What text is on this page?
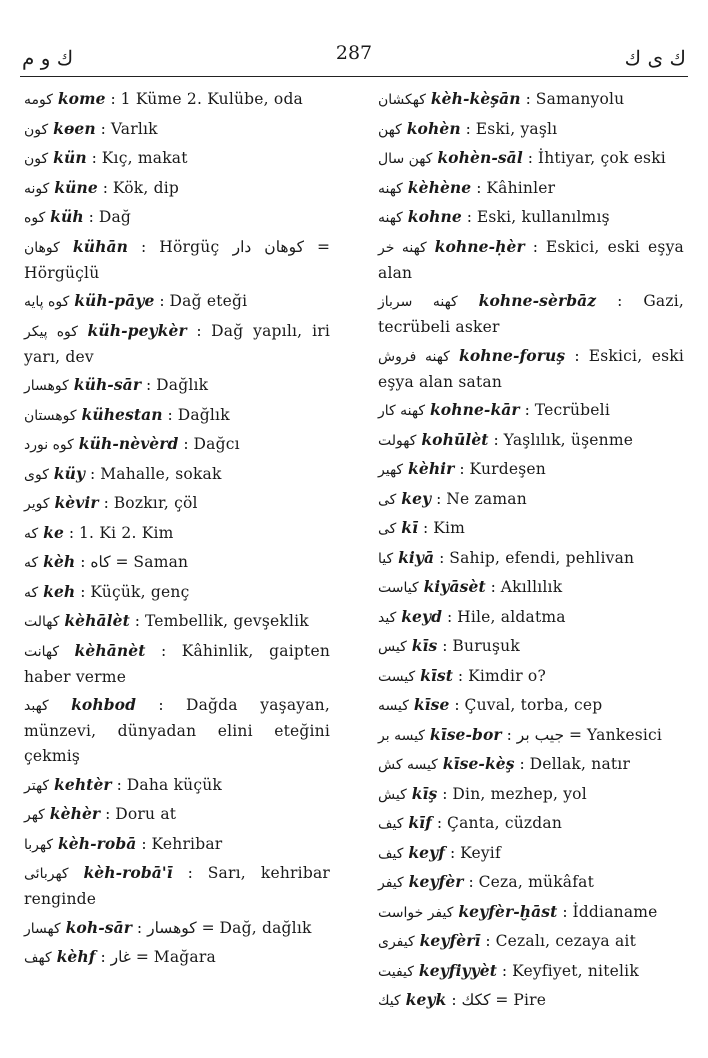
ك و م	287	ك ی ك
كومه kome : 1 Küme 2. Kulübe, oda
كون kөen : Varlık
كون kün : Kıç, makat
كونه küne : Kök, dip
كوه küh : Dağ
كوهان kühān : Hörgüç كوهان دار = Hörgüçlü
كوه پايه küh-pāye : Dağ eteği
كوه پيكر küh-peykèr : Dağ yapılı, iri yarı, dev
كوهسار küh-sār : Dağlık
كوهستان kühestan : Dağlık
كوه نورد küh-nèvèrd : Dağcı
كوى küy : Mahalle, sokak
كوير kèvir : Bozkır, çöl
كه ke : 1. Ki 2. Kim
كه kèh : كاه = Saman
كه keh : Küçük, genç
كهالت kèhālèt : Tembellik, gevşeklik
كهانت kèhānèt : Kâhinlik, gaipten haber verme
كهبد kohbod : Dağda yaşayan, münzevi, dünyadan elini eteğini çekmiş
كهتر kehtèr : Daha küçük
كهر kèhèr : Doru at
كهربا kèh-robā : Kehribar
كهربائى kèh-robā'ī : Sarı, kehribar renginde
كهسار koh-sār : كوهسار = Dağ, dağlık
كهف kèhf : غار = Mağara
كهكشان kèh-kèşān : Samanyolu
كهن kohèn : Eski, yaşlı
كهن سال kohèn-sāl : İhtiyar, çok eski
كهنه kèhène : Kâhinler
كهنه kohne : Eski, kullanılmış
كهنه خر kohne-ḥèr : Eskici, eski eşya alan
كهنه سرباز kohne-sèrbāz : Gazi, tecrübeli asker
كهنه فروش kohne-foruş : Eskici, eski eşya alan satan
كهنه كار kohne-kār : Tecrübeli
كهولت kohūlèt : Yaşlılık, üşenme
كهير kèhir : Kurdeşen
كى key : Ne zaman
كى kī : Kim
كيا kiyā : Sahip, efendi, pehlivan
كياست kiyāsèt : Akıllılık
كيد keyd : Hile, aldatma
كيس kīs : Buruşuk
كيست kīst : Kimdir o?
كيسه kīse : Çuval, torba, cep
كيسه بر kīse-bor : جيب بر = Yankesici
كيسه كش kīse-kèş : Dellak, natır
كيش kīş : Din, mezhep, yol
كيف kīf : Çanta, cüzdan
كيف keyf : Keyif
كيفر keyfèr : Ceza, mükâfat
كيفر خواست keyfèr-ḫāst : İddianame
كيفرى keyfèrī : Cezalı, cezaya ait
كيفيت keyfiyyèt : Keyfiyet, nitelik
كيك keyk : ككك = Pire
